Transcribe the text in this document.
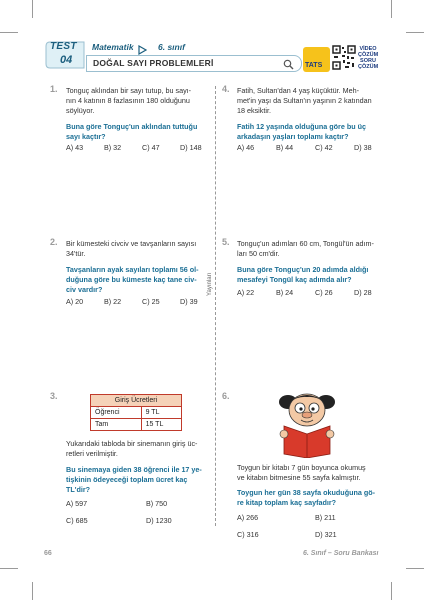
TEST
04
Matematik	6. sınıf
DOĞAL SAYI PROBLEMLERİ	TATS
VİDEO ÇÖZÜM SORU ÇÖZÜM
Yayınları
1. Tonguç aklından bir sayı tutup, bu sayı-
nın 4 katının 8 fazlasının 180 olduğunu
söylüyor.
Buna göre Tonguç'un aklından tuttuğu
sayı kaçtır?
A) 43	B) 32	C) 47	D) 148
2. Bir kümesteki civciv ve tavşanların sayısı
34'tür.
Tavşanların ayak sayıları toplamı 56 ol-
duğuna göre bu kümeste kaç tane civ-
civ vardır?
A) 20	B) 22	C) 25	D) 39
3.	Giriş Ücretleri	
Öğrenci	9 TL
Tam	15 TL
Yukarıdaki tabloda bir sinemanın giriş üc-
retleri verilmiştir.
Bu sinemaya giden 38 öğrenci ile 17 ye-
tişkinin ödeyeceği toplam ücret kaç
TL'dir?
A) 597	B) 750
C) 685	D) 1230
4. Fatih, Sultan'dan 4 yaş küçüktür. Meh-
met'in yaşı da Sultan'ın yaşının 2 katından
18 eksiktir.
Fatih 12 yaşında olduğuna göre bu üç
arkadaşın yaşları toplamı kaçtır?
A) 46	B) 44	C) 42	D) 38
5. Tonguç'un adımları 60 cm, Tongül'ün adım-
ları 50 cm'dir.
Buna göre Tonguç'un 20 adımda aldığı
mesafeyi Tongül kaç adımda alır?
A) 22	B) 24	C) 26	D) 28
6.
Toygun bir kitabı 7 gün boyunca okumuş
ve kitabın bitmesine 55 sayfa kalmıştır.
Toygun her gün 38 sayfa okuduğuna gö-
re kitap toplam kaç sayfadır?
A) 266	B) 211
C) 316	D) 321
66	6. Sınıf – Soru Bankası
